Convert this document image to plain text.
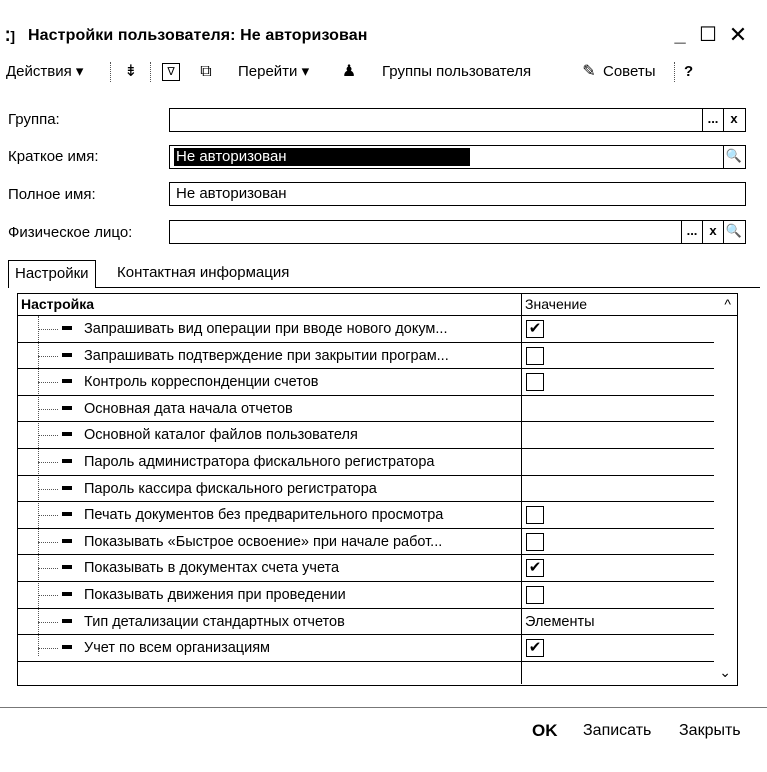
⁚] Настройки пользователя: Не авторизован	_ ☐ ✕
Действия ▾	⇟	∇	⧉	Перейти ▾ ♟ Группы пользователя	✎ Советы ?
Группа:	... x
Краткое имя:	Не авторизован	🔍
Полное имя:	Не авторизован
Физическое лицо:	... x 🔍
Настройки	Контактная информация
Настройка	Значение	^
Запрашивать вид операции при вводе нового докум...	✔
Запрашивать подтверждение при закрытии програм...
Контроль корреспонденции счетов
Основная дата начала отчетов
Основной каталог файлов пользователя
Пароль администратора фискального регистратора
Пароль кассира фискального регистратора
Печать документов без предварительного просмотра
Показывать «Быстрое освоение» при начале работ...
Показывать в документах счета учета	✔
Показывать движения при проведении
Тип детализации стандартных отчетов	Элементы
Учет по всем организациям	✔
⌄
OK Записать Закрыть
